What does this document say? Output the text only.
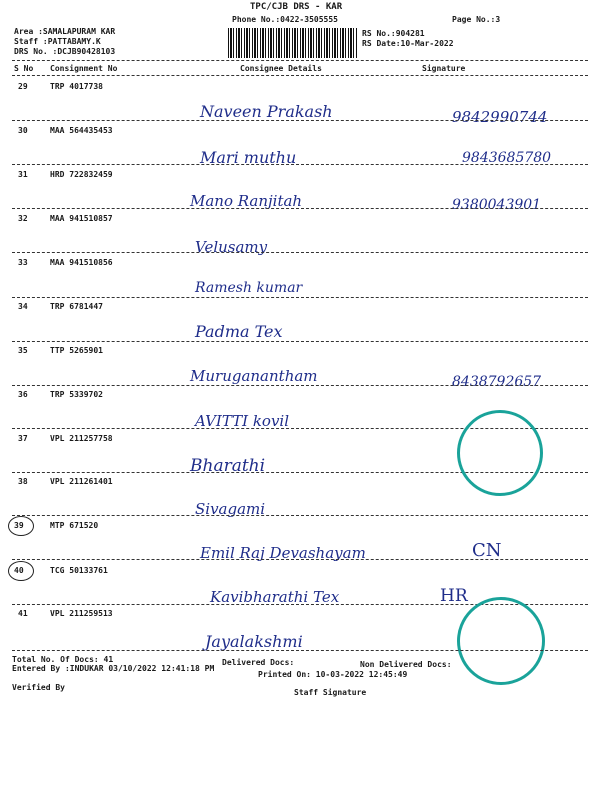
TPC/CJB DRS - KAR
Phone No.:0422-3505555	Page No.:3
Area :SAMALAPURAM KAR
Staff :PATTABAMY.K
DRS No. :DCJB90428103
RS No.:904281
RS Date:10-Mar-2022
S No Consignment No	Consignee Details	Signature
29	TRP 4017738
Naveen Prakash	9842990744
30	MAA 564435453
Mari muthu	9843685780
31	HRD 722832459
Mano Ranjitah	9380043901
32	MAA 941510857
Velusamy
33	MAA 941510856
Ramesh kumar
34	TRP 6781447
Padma Tex
35	TTP 5265901
Muruganantham	8438792657
36	TRP 5339702
AVITTI kovil
37	VPL 211257758
Bharathi
38	VPL 211261401
Sivagami
39	MTP 671520
Emil Raj Devashayam	CN
40	TCG 50133761
Kavibharathi Tex	HR
41	VPL 211259513
Jayalakshmi
Total No. Of Docs: 41	Delivered Docs:	Non Delivered Docs:
Entered By :INDUKAR 03/10/2022 12:41:18 PM
Printed On: 10-03-2022 12:45:49
Verified By
Staff Signature
